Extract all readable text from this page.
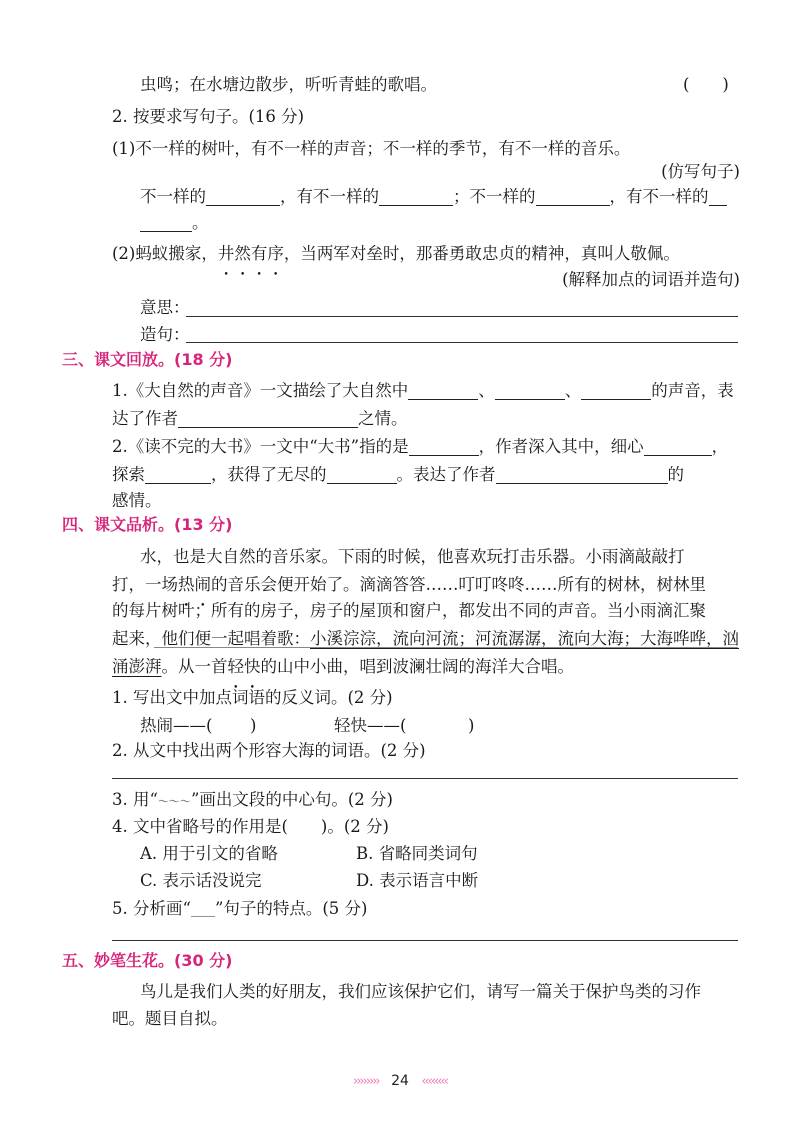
虫鸣；在水塘边散步，听听青蛙的歌唱。	(　　)
2. 按要求写句子。(16 分)
(1)不一样的树叶，有不一样的声音；不一样的季节，有不一样的音乐。
(仿写句子)
不一样的	，有不一样的	；不一样的	，有不一样的
。
(2)蚂蚁搬家，井然有序，当两军对垒时，那番勇敢忠贞的精神，真叫人敬佩。
(解释加点的词语并造句)
意思：
造句：
三、课文回放。(18 分)
1.《大自然的声音》一文描绘了大自然中	、	、	的声音，表
达了作者	之情。
2.《读不完的大书》一文中“大书”指的是	，作者深入其中，细心	，
探索	，获得了无尽的	。表达了作者	的
感情。
四、课文品析。(13 分)
水，也是大自然的音乐家。下雨的时候，他喜欢玩打击乐器。小雨滴敲敲打
打，一场热闹的音乐会便开始了。滴滴答答……叮叮咚咚……所有的树林，树林里
的每片树叶；所有的房子，房子的屋顶和窗户，都发出不同的声音。当小雨滴汇聚
起来，他们便一起唱着歌：小溪淙淙，流向河流；河流潺潺，流向大海；大海哗哗，汹
涌澎湃。从一首轻快的山中小曲，唱到波澜壮阔的海洋大合唱。
1. 写出文中加点词语的反义词。(2 分)
热闹——( )	轻快——(	)
2. 从文中找出两个形容大海的词语。(2 分)
3. 用“～～～”画出文段的中心句。(2 分)
4. 文中省略号的作用是(　　)。(2 分)
A. 用于引文的省略	B. 省略同类词句
C. 表示话没说完	D. 表示语言中断
5. 分析画“____”句子的特点。(5 分)
五、妙笔生花。(30 分)
鸟儿是我们人类的好朋友，我们应该保护它们，请写一篇关于保护鸟类的习作
吧。题目自拟。
›››››››› 24 ‹‹‹‹‹‹‹‹
